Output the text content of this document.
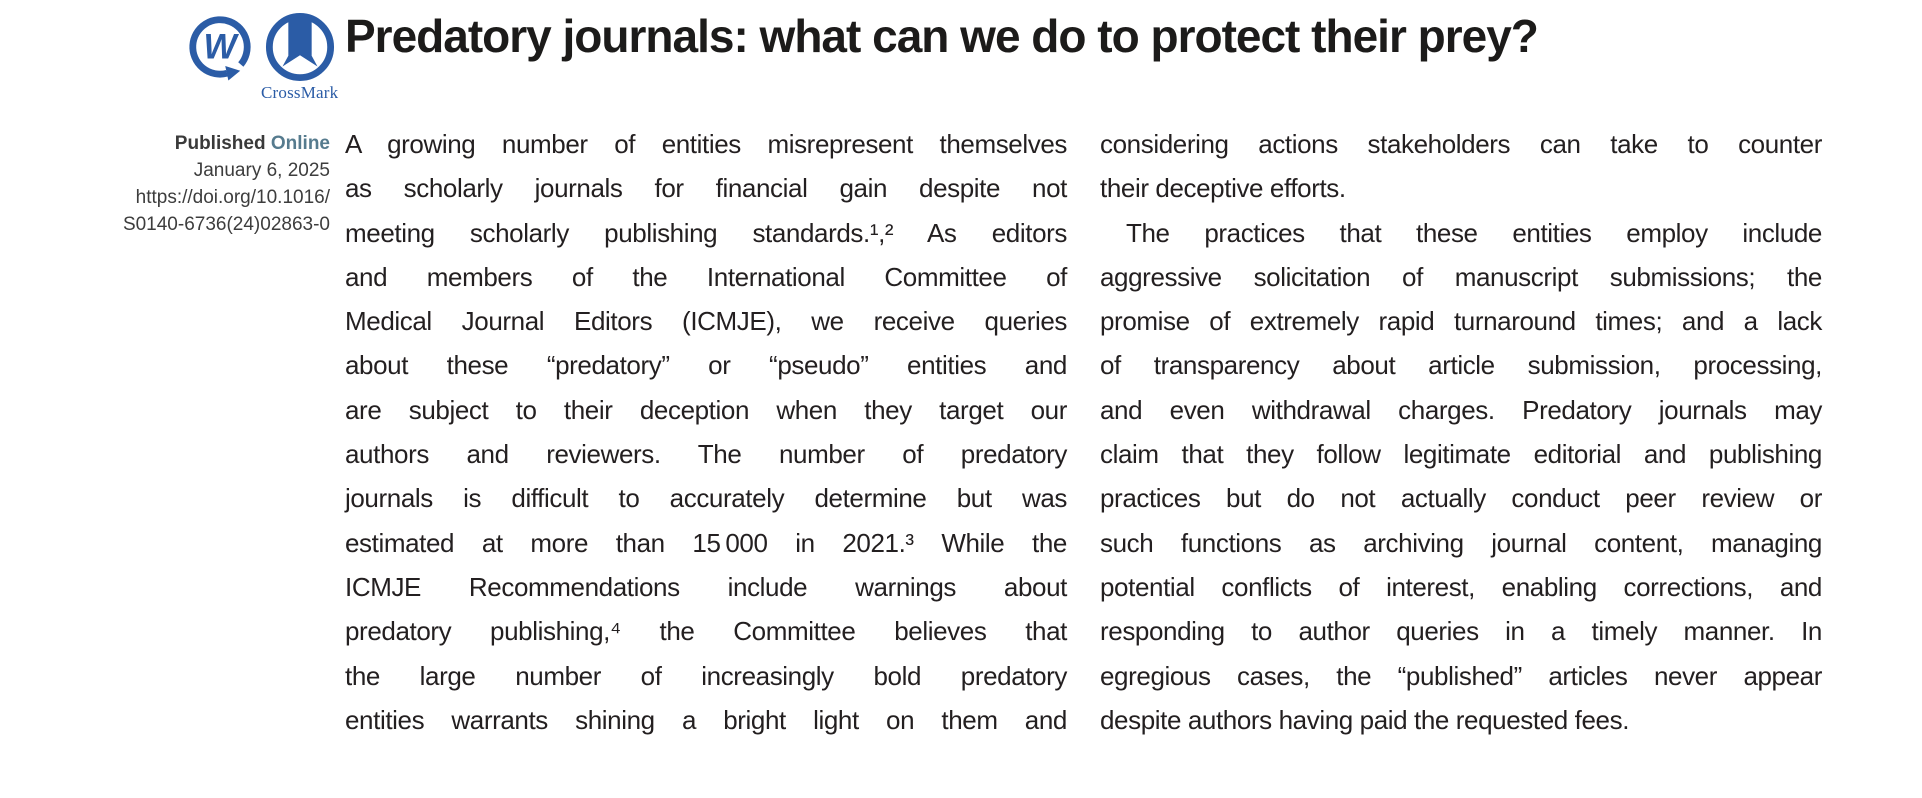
W
CrossMark
Predatory journals: what can we do to protect their prey?
Published Online
January 6, 2025
https://doi.org/10.1016/
S0140-6736(24)02863-0
A growing number of entities misrepresent themselves
as scholarly journals for financial gain despite not
meeting scholarly publishing standards.¹,² As editors
and members of the International Committee of
Medical Journal Editors (ICMJE), we receive queries
about these “predatory” or “pseudo” entities and
are subject to their deception when they target our
authors and reviewers. The number of predatory
journals is difficult to accurately determine but was
estimated at more than 15 000 in 2021.³ While the
ICMJE Recommendations include warnings about
predatory publishing,⁴ the Committee believes that
the large number of increasingly bold predatory
entities warrants shining a bright light on them and
considering actions stakeholders can take to counter
their deceptive efforts.
The practices that these entities employ include
aggressive solicitation of manuscript submissions; the
promise of extremely rapid turnaround times; and a lack
of transparency about article submission, processing,
and even withdrawal charges. Predatory journals may
claim that they follow legitimate editorial and publishing
practices but do not actually conduct peer review or
such functions as archiving journal content, managing
potential conflicts of interest, enabling corrections, and
responding to author queries in a timely manner. In
egregious cases, the “published” articles never appear
despite authors having paid the requested fees.
